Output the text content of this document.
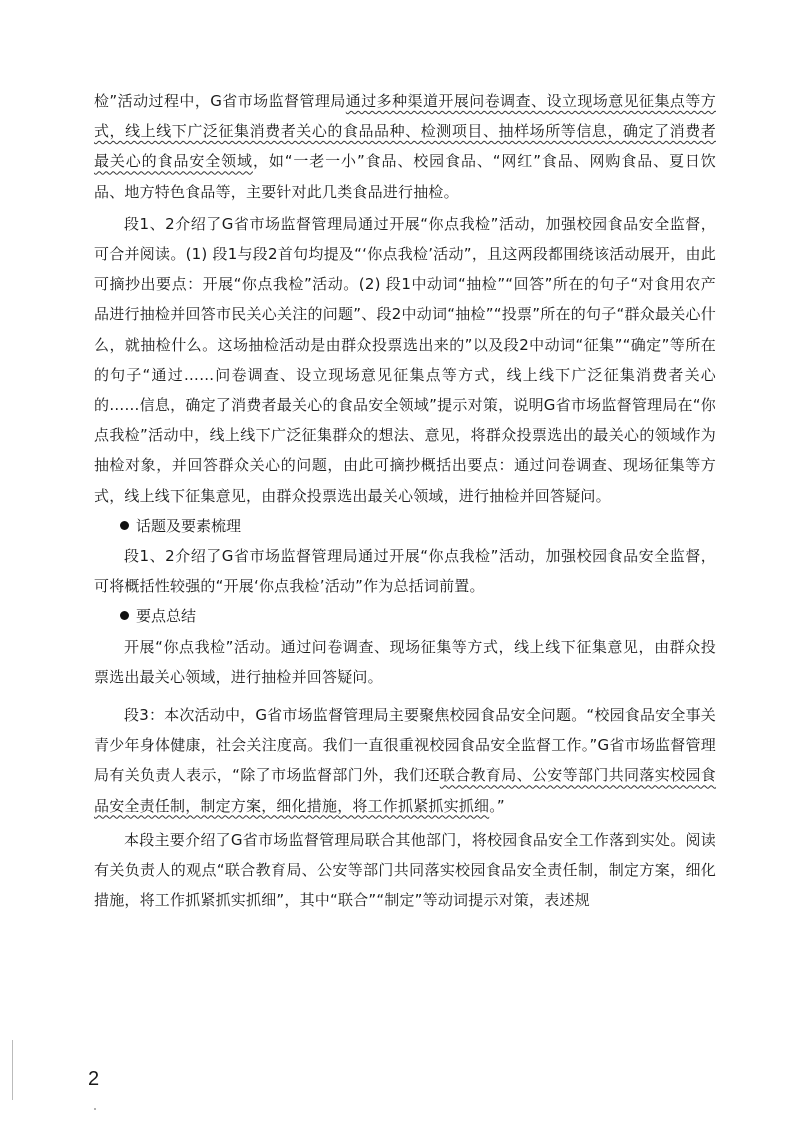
检”活动过程中，G省市场监督管理局通过多种渠道开展问卷调查、设立现场意见征集点等方式，线上线下广泛征集消费者关心的食品品种、检测项目、抽样场所等信息，确定了消费者最关心的食品安全领域，如“一老一小”食品、校园食品、“网红”食品、网购食品、夏日饮品、地方特色食品等，主要针对此几类食品进行抽检。

段1、2介绍了G省市场监督管理局通过开展“你点我检”活动，加强校园食品安全监督，可合并阅读。(1) 段1与段2首句均提及“‘你点我检’活动”，且这两段都围绕该活动展开，由此可摘抄出要点：开展“你点我检”活动。(2) 段1中动词“抽检”“回答”所在的句子“对食用农产品进行抽检并回答市民关心关注的问题”、段2中动词“抽检”“投票”所在的句子“群众最关心什么，就抽检什么。这场抽检活动是由群众投票选出来的”以及段2中动词“征集”“确定”等所在的句子“通过……问卷调查、设立现场意见征集点等方式，线上线下广泛征集消费者关心的……信息，确定了消费者最关心的食品安全领域”提示对策，说明G省市场监督管理局在“你点我检”活动中，线上线下广泛征集群众的想法、意见，将群众投票选出的最关心的领域作为抽检对象，并回答群众关心的问题，由此可摘抄概括出要点：通过问卷调查、现场征集等方式，线上线下征集意见，由群众投票选出最关心领域，进行抽检并回答疑问。

话题及要素梳理

段1、2介绍了G省市场监督管理局通过开展“你点我检”活动，加强校园食品安全监督，可将概括性较强的“开展‘你点我检’活动”作为总括词前置。

要点总结

开展“你点我检”活动。通过问卷调查、现场征集等方式，线上线下征集意见，由群众投票选出最关心领域，进行抽检并回答疑问。

段3：本次活动中，G省市场监督管理局主要聚焦校园食品安全问题。“校园食品安全事关青少年身体健康，社会关注度高。我们一直很重视校园食品安全监督工作。”G省市场监督管理局有关负责人表示，“除了市场监督部门外，我们还联合教育局、公安等部门共同落实校园食品安全责任制，制定方案，细化措施，将工作抓紧抓实抓细。”

本段主要介绍了G省市场监督管理局联合其他部门，将校园食品安全工作落到实处。阅读有关负责人的观点“联合教育局、公安等部门共同落实校园食品安全责任制，制定方案，细化措施，将工作抓紧抓实抓细”，其中“联合”“制定”等动词提示对策，表述规

2
